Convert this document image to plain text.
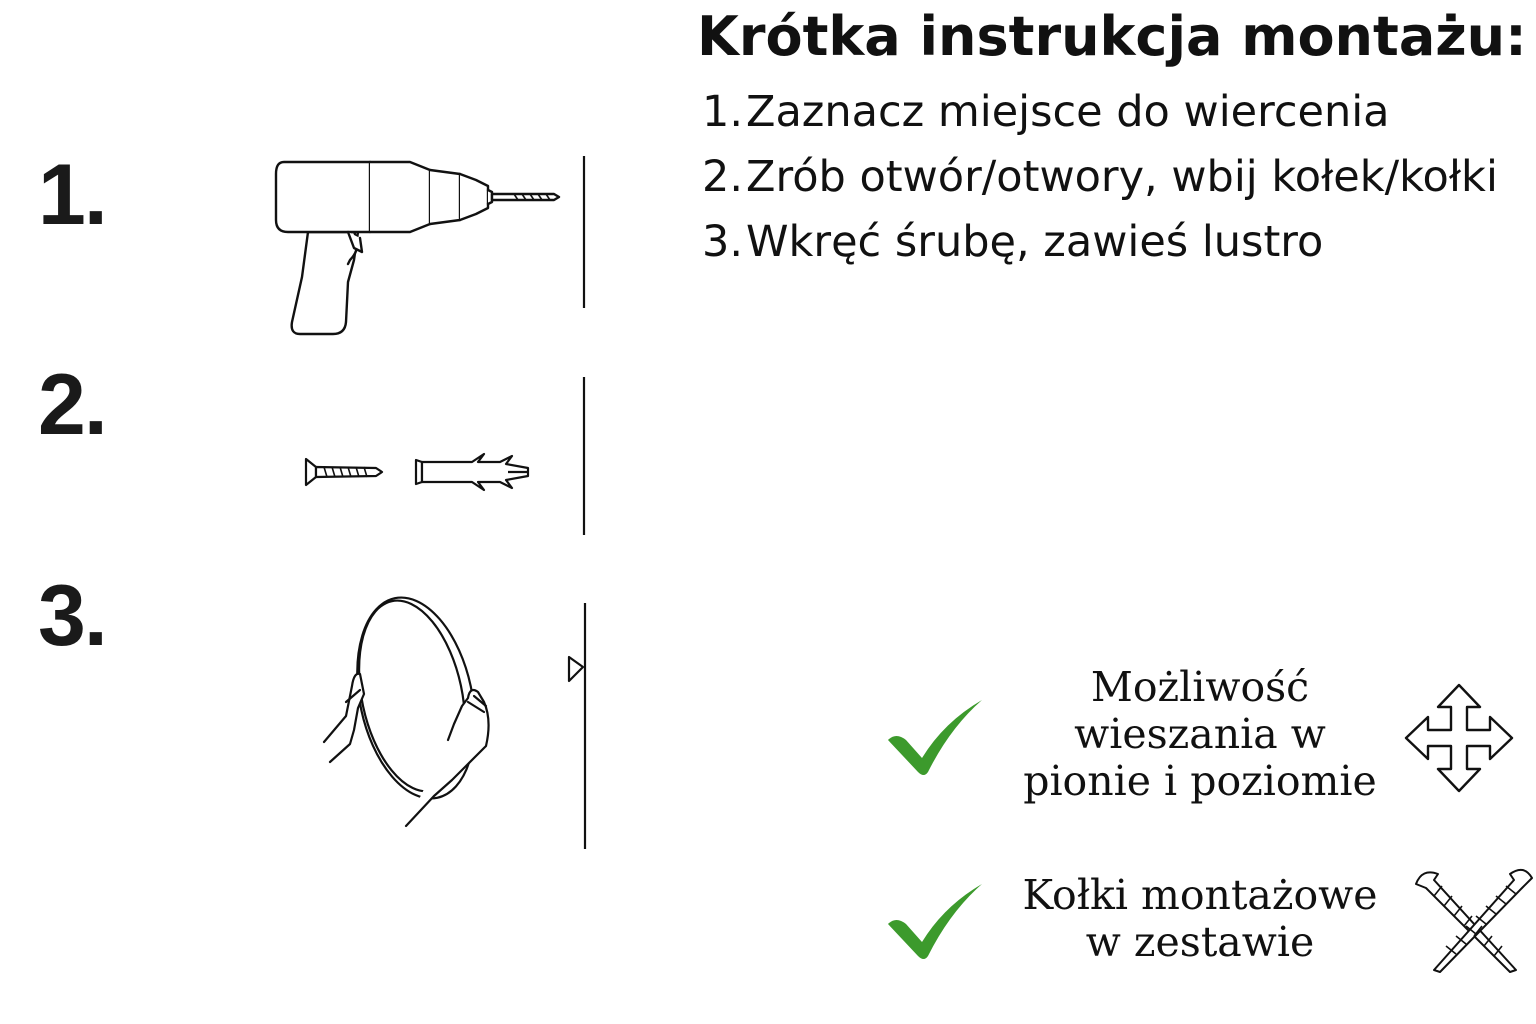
1.
2.
3.
Krótka instrukcja montażu:
1. Zaznacz miejsce do wiercenia
2. Zrób otwór/otwory, wbij kołek/kołki
3. Wkręć śrubę, zawieś lustro
Możliwość
wieszania w
pionie i poziomie
Kołki montażowe
w zestawie
